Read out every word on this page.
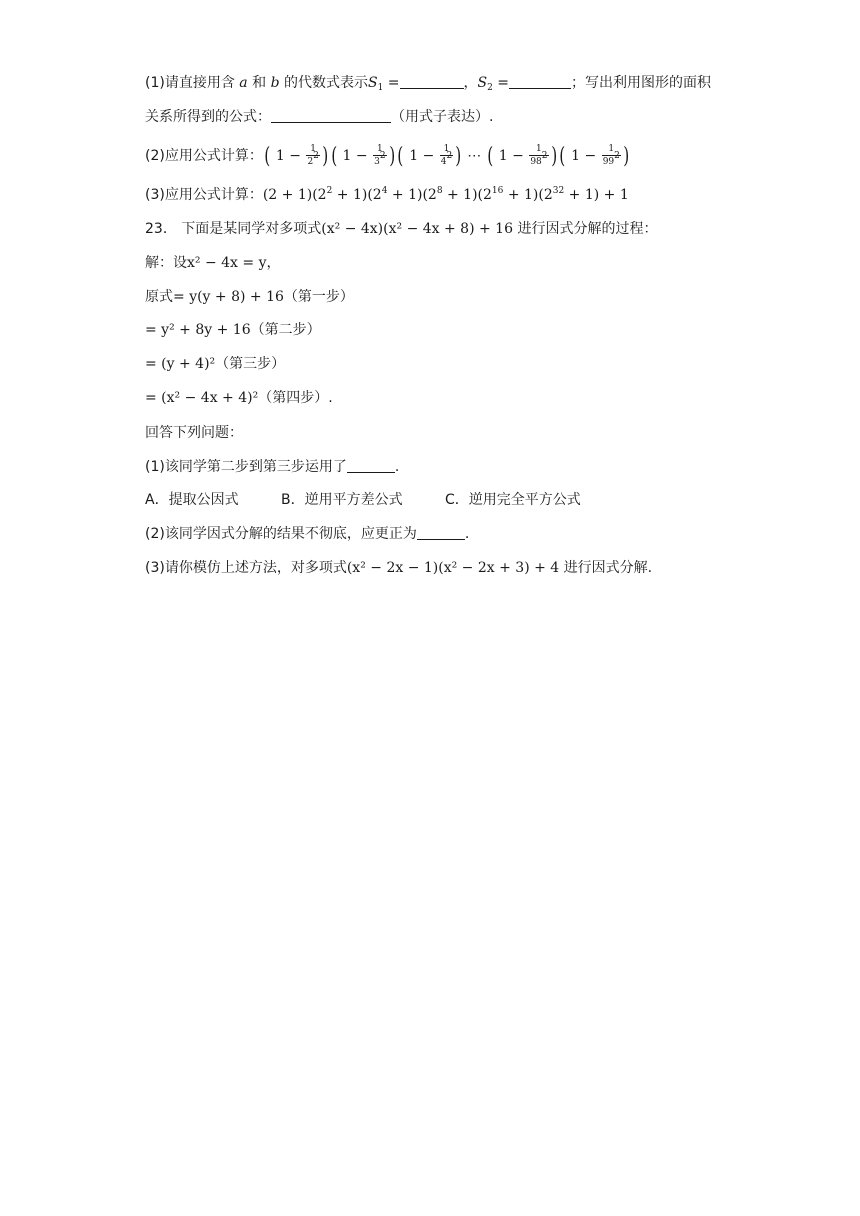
(1)请直接用含 a 和 b 的代数式表示$S_1$ =	，$S_2$ =	；写出利用图形的面积
关系所得到的公式：	（用式子表达）.
(2)应用公式计算：( $1 - \frac{1}{2^2}$ ) ( $1 - \frac{1}{3^2}$ ) ( $1 - \frac{1}{4^2}$ ) ⋯ ( $1 - \frac{1}{98^2}$ ) ( $1 - \frac{1}{99^2}$ )
(3)应用公式计算：$(2 + 1)(2^2 + 1)(2^4 + 1)(2^8 + 1)(2^{16} + 1)(2^{32} + 1) + 1$
23． 下面是某同学对多项式(x² − 4x)(x² − 4x + 8) + 16 进行因式分解的过程：
解：设x² − 4x = y，
原式= y(y + 8) + 16（第一步）
= y² + 8y + 16（第二步）
= (y + 4)²（第三步）
= (x² − 4x + 4)²（第四步）.
回答下列问题：
(1)该同学第二步到第三步运用了	.
A．提取公因式	B．逆用平方差公式	C．逆用完全平方公式
(2)该同学因式分解的结果不彻底，应更正为	.
(3)请你模仿上述方法，对多项式(x² − 2x − 1)(x² − 2x + 3) + 4 进行因式分解.
